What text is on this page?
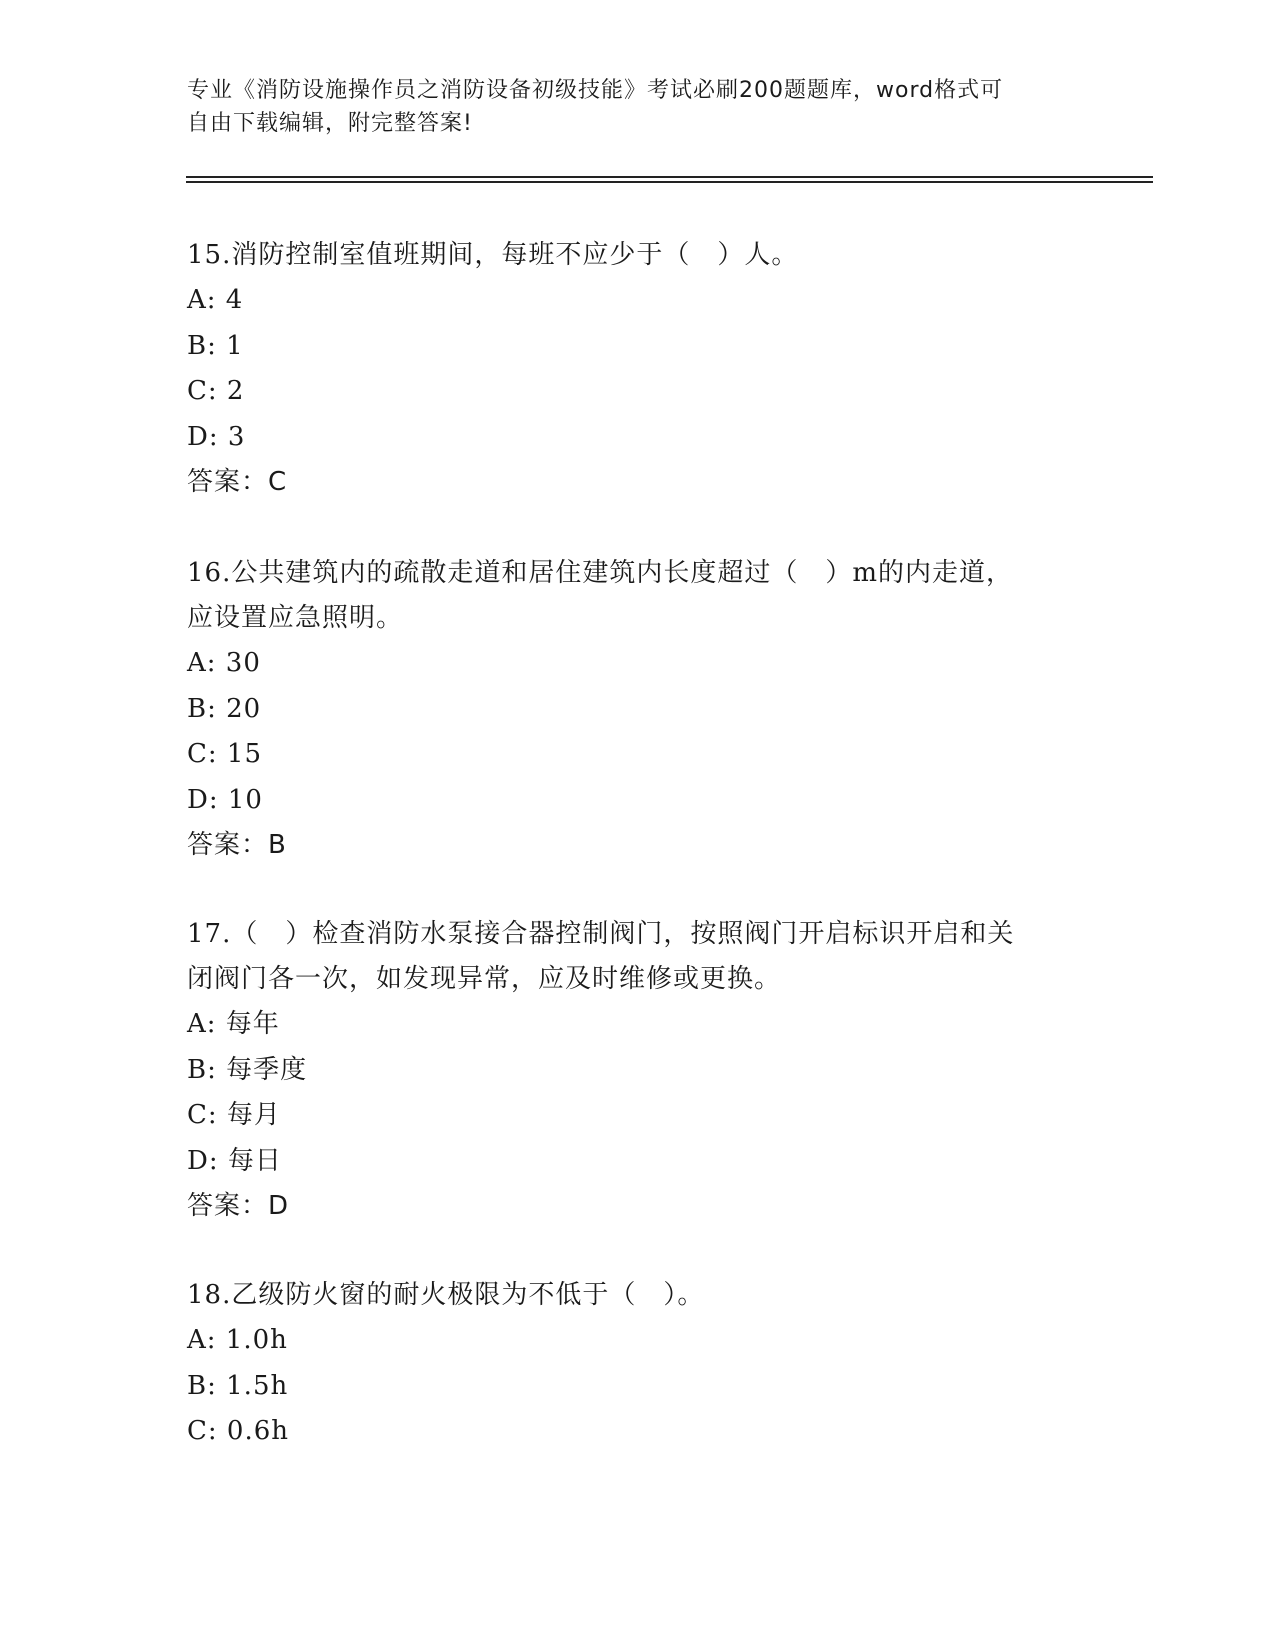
专业《消防设施操作员之消防设备初级技能》考试必刷200题题库，word格式可
自由下载编辑，附完整答案!
15.消防控制室值班期间，每班不应少于（　）人。
A: 4
B: 1
C: 2
D: 3
答案：C
16.公共建筑内的疏散走道和居住建筑内长度超过（　）m的内走道，
应设置应急照明。
A: 30
B: 20
C: 15
D: 10
答案：B
17.（　）检查消防水泵接合器控制阀门，按照阀门开启标识开启和关
闭阀门各一次，如发现异常，应及时维修或更换。
A: 每年
B: 每季度
C: 每月
D: 每日
答案：D
18.乙级防火窗的耐火极限为不低于（　）。
A: 1.0h
B: 1.5h
C: 0.6h
